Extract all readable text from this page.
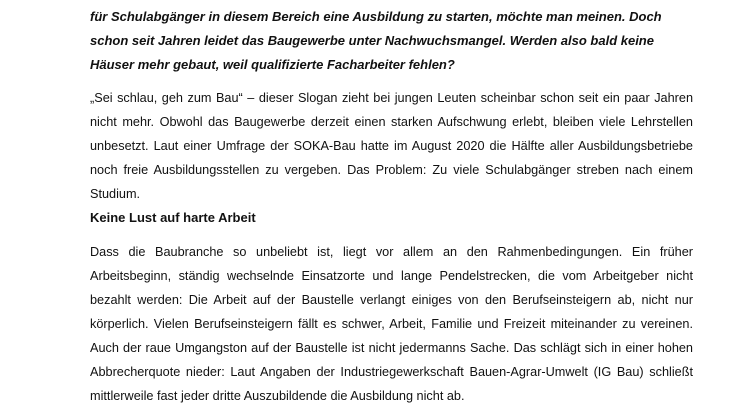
für Schulabgänger in diesem Bereich eine Ausbildung zu starten, möchte man meinen. Doch
schon seit Jahren leidet das Baugewerbe unter Nachwuchsmangel. Werden also bald keine
Häuser mehr gebaut, weil qualifizierte Facharbeiter fehlen?
„Sei schlau, geh zum Bau“ – dieser Slogan zieht bei jungen Leuten scheinbar schon seit ein paar Jahren nicht mehr. Obwohl das Baugewerbe derzeit einen starken Aufschwung erlebt, bleiben viele Lehrstellen unbesetzt. Laut einer Umfrage der SOKA-Bau hatte im August 2020 die Hälfte aller Ausbildungsbetriebe noch freie Ausbildungsstellen zu vergeben. Das Problem: Zu viele Schulabgänger streben nach einem Studium.
Keine Lust auf harte Arbeit
Dass die Baubranche so unbeliebt ist, liegt vor allem an den Rahmenbedingungen. Ein früher Arbeitsbeginn, ständig wechselnde Einsatzorte und lange Pendelstrecken, die vom Arbeitgeber nicht bezahlt werden: Die Arbeit auf der Baustelle verlangt einiges von den Berufseinsteigern ab, nicht nur körperlich. Vielen Berufseinsteigern fällt es schwer, Arbeit, Familie und Freizeit miteinander zu vereinen. Auch der raue Umgangston auf der Baustelle ist nicht jedermanns Sache. Das schlägt sich in einer hohen Abbrecherquote nieder: Laut Angaben der Industriegewerkschaft Bauen-Agrar-Umwelt (IG Bau) schließt mittlerweile fast jeder dritte Auszubildende die Ausbildung nicht ab.
